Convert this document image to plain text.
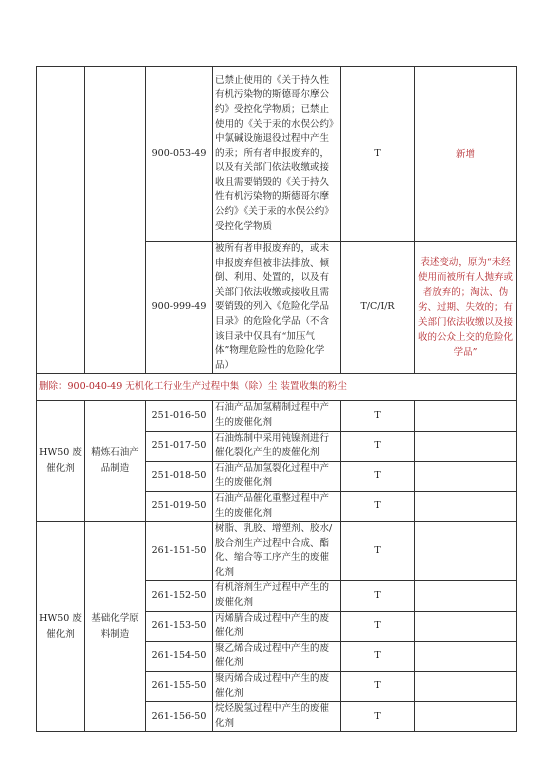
		900-053-49	已禁止使用的《关于持久性有机污染物的斯德哥尔摩公约》受控化学物质；已禁止使用的《关于汞的水俣公约》中氯碱设施退役过程中产生的汞；所有者申报废弃的，以及有关部门依法收缴或接收且需要销毁的《关于持久性有机污染物的斯德哥尔摩公约》《关于汞的水俣公约》受控化学物质	T	新增
		900-999-49	被所有者申报废弃的，或未申报废弃但被非法排放、倾倒、利用、处置的，以及有关部门依法收缴或接收且需要销毁的列入《危险化学品目录》的危险化学品（不含该目录中仅具有“加压气体”物理危险性的危险化学品）	T/C/I/R	表述变动，原为“未经使用而被所有人抛弃或者放弃的；淘汰、伪劣、过期、失效的；有关部门依法收缴以及接收的公众上交的危险化学品”
删除：900-040-49 无机化工行业生产过程中集（除）尘 装置收集的粉尘					
HW50 废催化剂	精炼石油产品制造	251-016-50	石油产品加氢精制过程中产生的废催化剂	T	
		251-017-50	石油炼制中采用钝镍剂进行催化裂化产生的废催化剂	T	
		251-018-50	石油产品加氢裂化过程中产生的废催化剂	T	
		251-019-50	石油产品催化重整过程中产生的废催化剂	T	
HW50 废催化剂	基础化学原料制造	261-151-50	树脂、乳胶、增塑剂、胶水/胶合剂生产过程中合成、酯化、缩合等工序产生的废催化剂	T	
		261-152-50	有机溶剂生产过程中产生的废催化剂	T	
		261-153-50	丙烯腈合成过程中产生的废催化剂	T	
		261-154-50	聚乙烯合成过程中产生的废催化剂	T	
		261-155-50	聚丙烯合成过程中产生的废催化剂	T	
		261-156-50	烷烃脱氢过程中产生的废催化剂	T	
